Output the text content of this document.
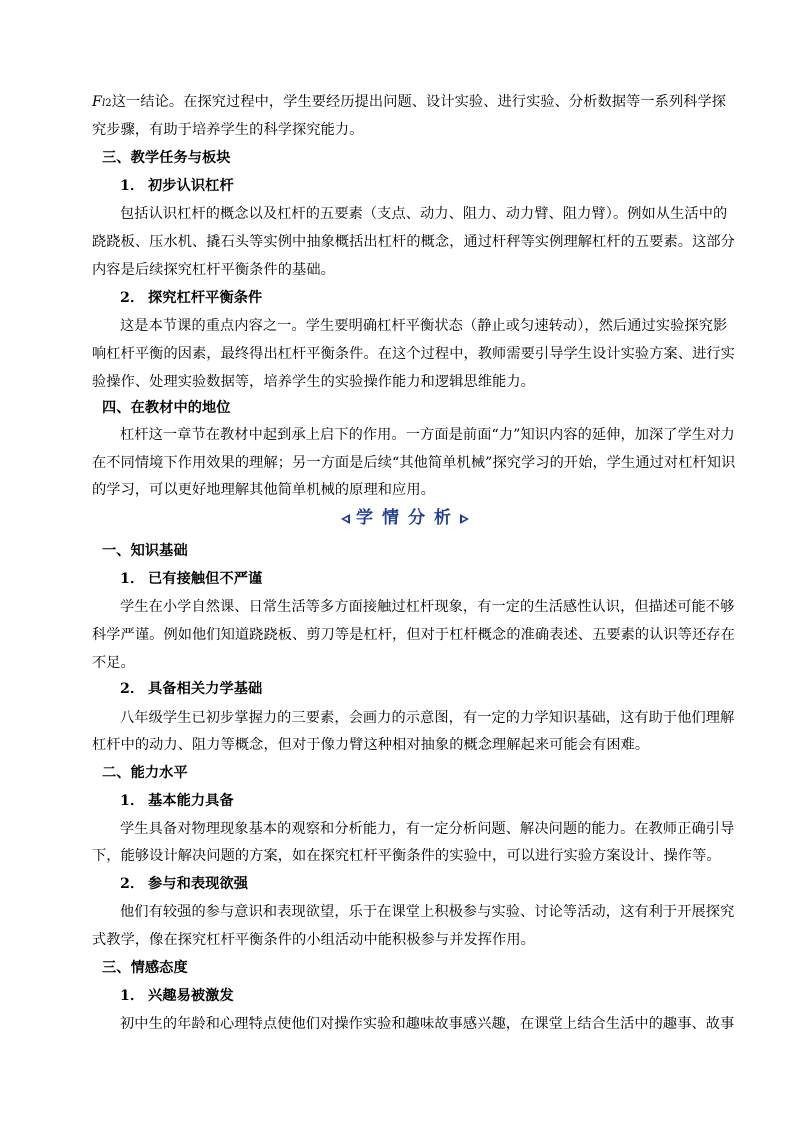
Fl2这一结论。在探究过程中，学生要经历提出问题、设计实验、进行实验、分析数据等一系列科学探
究步骤，有助于培养学生的科学探究能力。
三、教学任务与板块
1． 初步认识杠杆
包括认识杠杆的概念以及杠杆的五要素（支点、动力、阻力、动力臂、阻力臂）。例如从生活中的
跷跷板、压水机、撬石头等实例中抽象概括出杠杆的概念，通过杆秤等实例理解杠杆的五要素。这部分
内容是后续探究杠杆平衡条件的基础。
2． 探究杠杆平衡条件
这是本节课的重点内容之一。学生要明确杠杆平衡状态（静止或匀速转动），然后通过实验探究影
响杠杆平衡的因素，最终得出杠杆平衡条件。在这个过程中，教师需要引导学生设计实验方案、进行实
验操作、处理实验数据等，培养学生的实验操作能力和逻辑思维能力。
四、在教材中的地位
杠杆这一章节在教材中起到承上启下的作用。一方面是前面“力”知识内容的延伸，加深了学生对力
在不同情境下作用效果的理解；另一方面是后续“其他简单机械”探究学习的开始，学生通过对杠杆知识
的学习，可以更好地理解其他简单机械的原理和应用。
学情分析
一、知识基础
1． 已有接触但不严谨
学生在小学自然课、日常生活等多方面接触过杠杆现象，有一定的生活感性认识，但描述可能不够
科学严谨。例如他们知道跷跷板、剪刀等是杠杆，但对于杠杆概念的准确表述、五要素的认识等还存在
不足。
2． 具备相关力学基础
八年级学生已初步掌握力的三要素，会画力的示意图，有一定的力学知识基础，这有助于他们理解
杠杆中的动力、阻力等概念，但对于像力臂这种相对抽象的概念理解起来可能会有困难。
二、能力水平
1． 基本能力具备
学生具备对物理现象基本的观察和分析能力，有一定分析问题、解决问题的能力。在教师正确引导
下，能够设计解决问题的方案，如在探究杠杆平衡条件的实验中，可以进行实验方案设计、操作等。
2． 参与和表现欲强
他们有较强的参与意识和表现欲望，乐于在课堂上积极参与实验、讨论等活动，这有利于开展探究
式教学，像在探究杠杆平衡条件的小组活动中能积极参与并发挥作用。
三、情感态度
1． 兴趣易被激发
初中生的年龄和心理特点使他们对操作实验和趣味故事感兴趣，在课堂上结合生活中的趣事、故事
